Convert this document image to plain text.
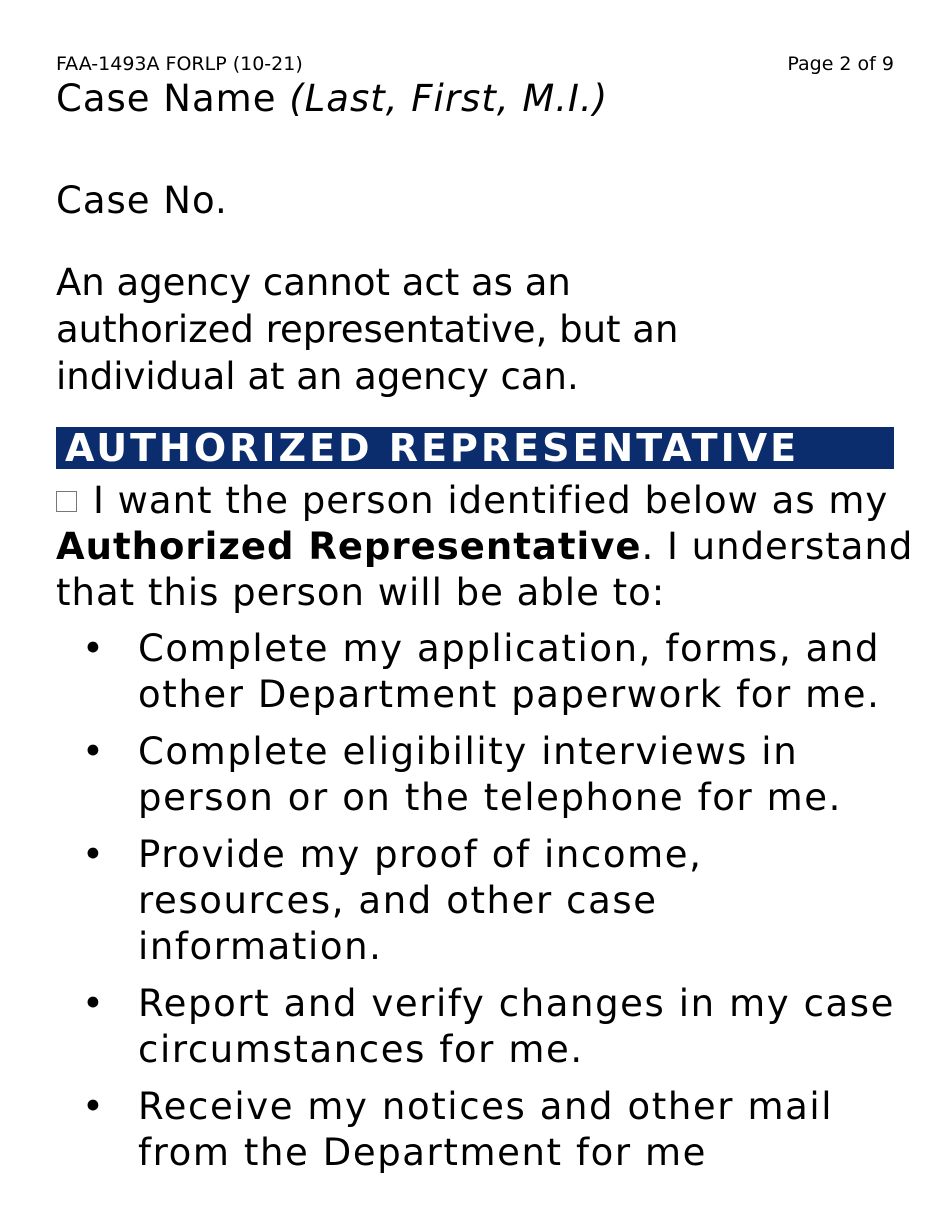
FAA-1493A FORLP (10-21)	Page 2 of 9
Case Name (Last, First, M.I.)
Case No.
An agency cannot act as an authorized representative, but an individual at an agency can.
AUTHORIZED REPRESENTATIVE
I want the person identified below as my Authorized Representative. I understand that this person will be able to:
• Complete my application, forms, and other Department paperwork for me.
• Complete eligibility interviews in person or on the telephone for me.
• Provide my proof of income, resources, and other case information.
• Report and verify changes in my case circumstances for me.
• Receive my notices and other mail from the Department for me
